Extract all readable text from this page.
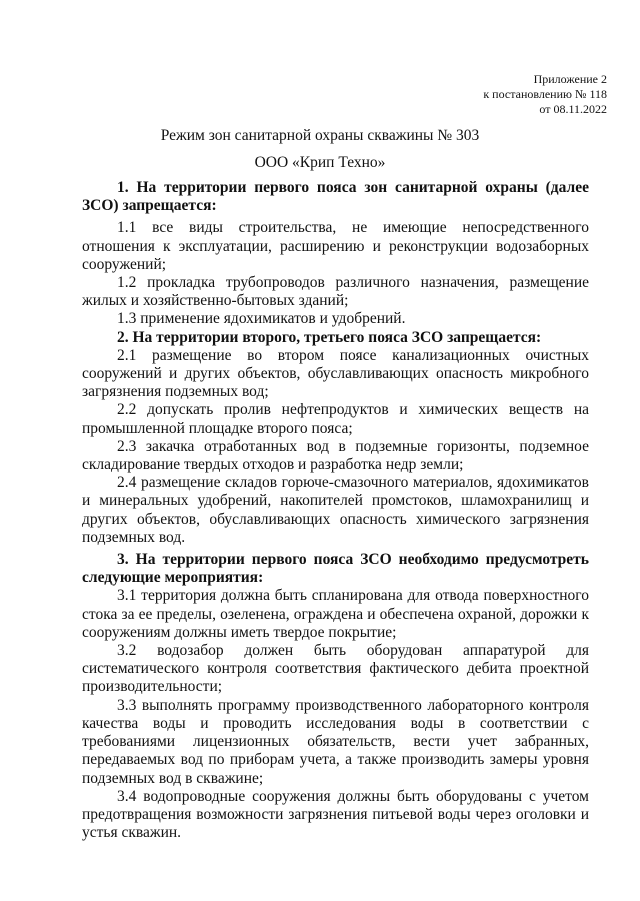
Приложение 2
к постановлению № 118
от 08.11.2022
Режим зон санитарной охраны скважины № 303
ООО «Крип Техно»

1. На территории первого пояса зон санитарной охраны (далее ЗСО) запрещается:

1.1 все виды строительства, не имеющие непосредственного отношения к эксплуатации, расширению и реконструкции водозаборных сооружений;

1.2 прокладка трубопроводов различного назначения, размещение жилых и хозяйственно-бытовых зданий;

1.3 применение ядохимикатов и удобрений.

2. На территории второго, третьего пояса ЗСО запрещается:

2.1 размещение во втором поясе канализационных очистных сооружений и других объектов, обуславливающих опасность микробного загрязнения подземных вод;

2.2 допускать пролив нефтепродуктов и химических веществ на промышленной площадке второго пояса;

2.3 закачка отработанных вод в подземные горизонты, подземное складирование твердых отходов и разработка недр земли;

2.4 размещение складов горюче-смазочного материалов, ядохимикатов и минеральных удобрений, накопителей промстоков, шламохранилищ и других объектов, обуславливающих опасность химического загрязнения подземных вод.

3. На территории первого пояса ЗСО необходимо предусмотреть следующие мероприятия:

3.1 территория должна быть спланирована для отвода поверхностного стока за ее пределы, озеленена, ограждена и обеспечена охраной, дорожки к сооружениям должны иметь твердое покрытие;

3.2 водозабор должен быть оборудован аппаратурой для систематического контроля соответствия фактического дебита проектной производительности;

3.3 выполнять программу производственного лабораторного контроля качества воды и проводить исследования воды в соответствии с требованиями лицензионных обязательств, вести учет забранных, передаваемых вод по приборам учета, а также производить замеры уровня подземных вод в скважине;

3.4 водопроводные сооружения должны быть оборудованы с учетом предотвращения возможности загрязнения питьевой воды через оголовки и устья скважин.
